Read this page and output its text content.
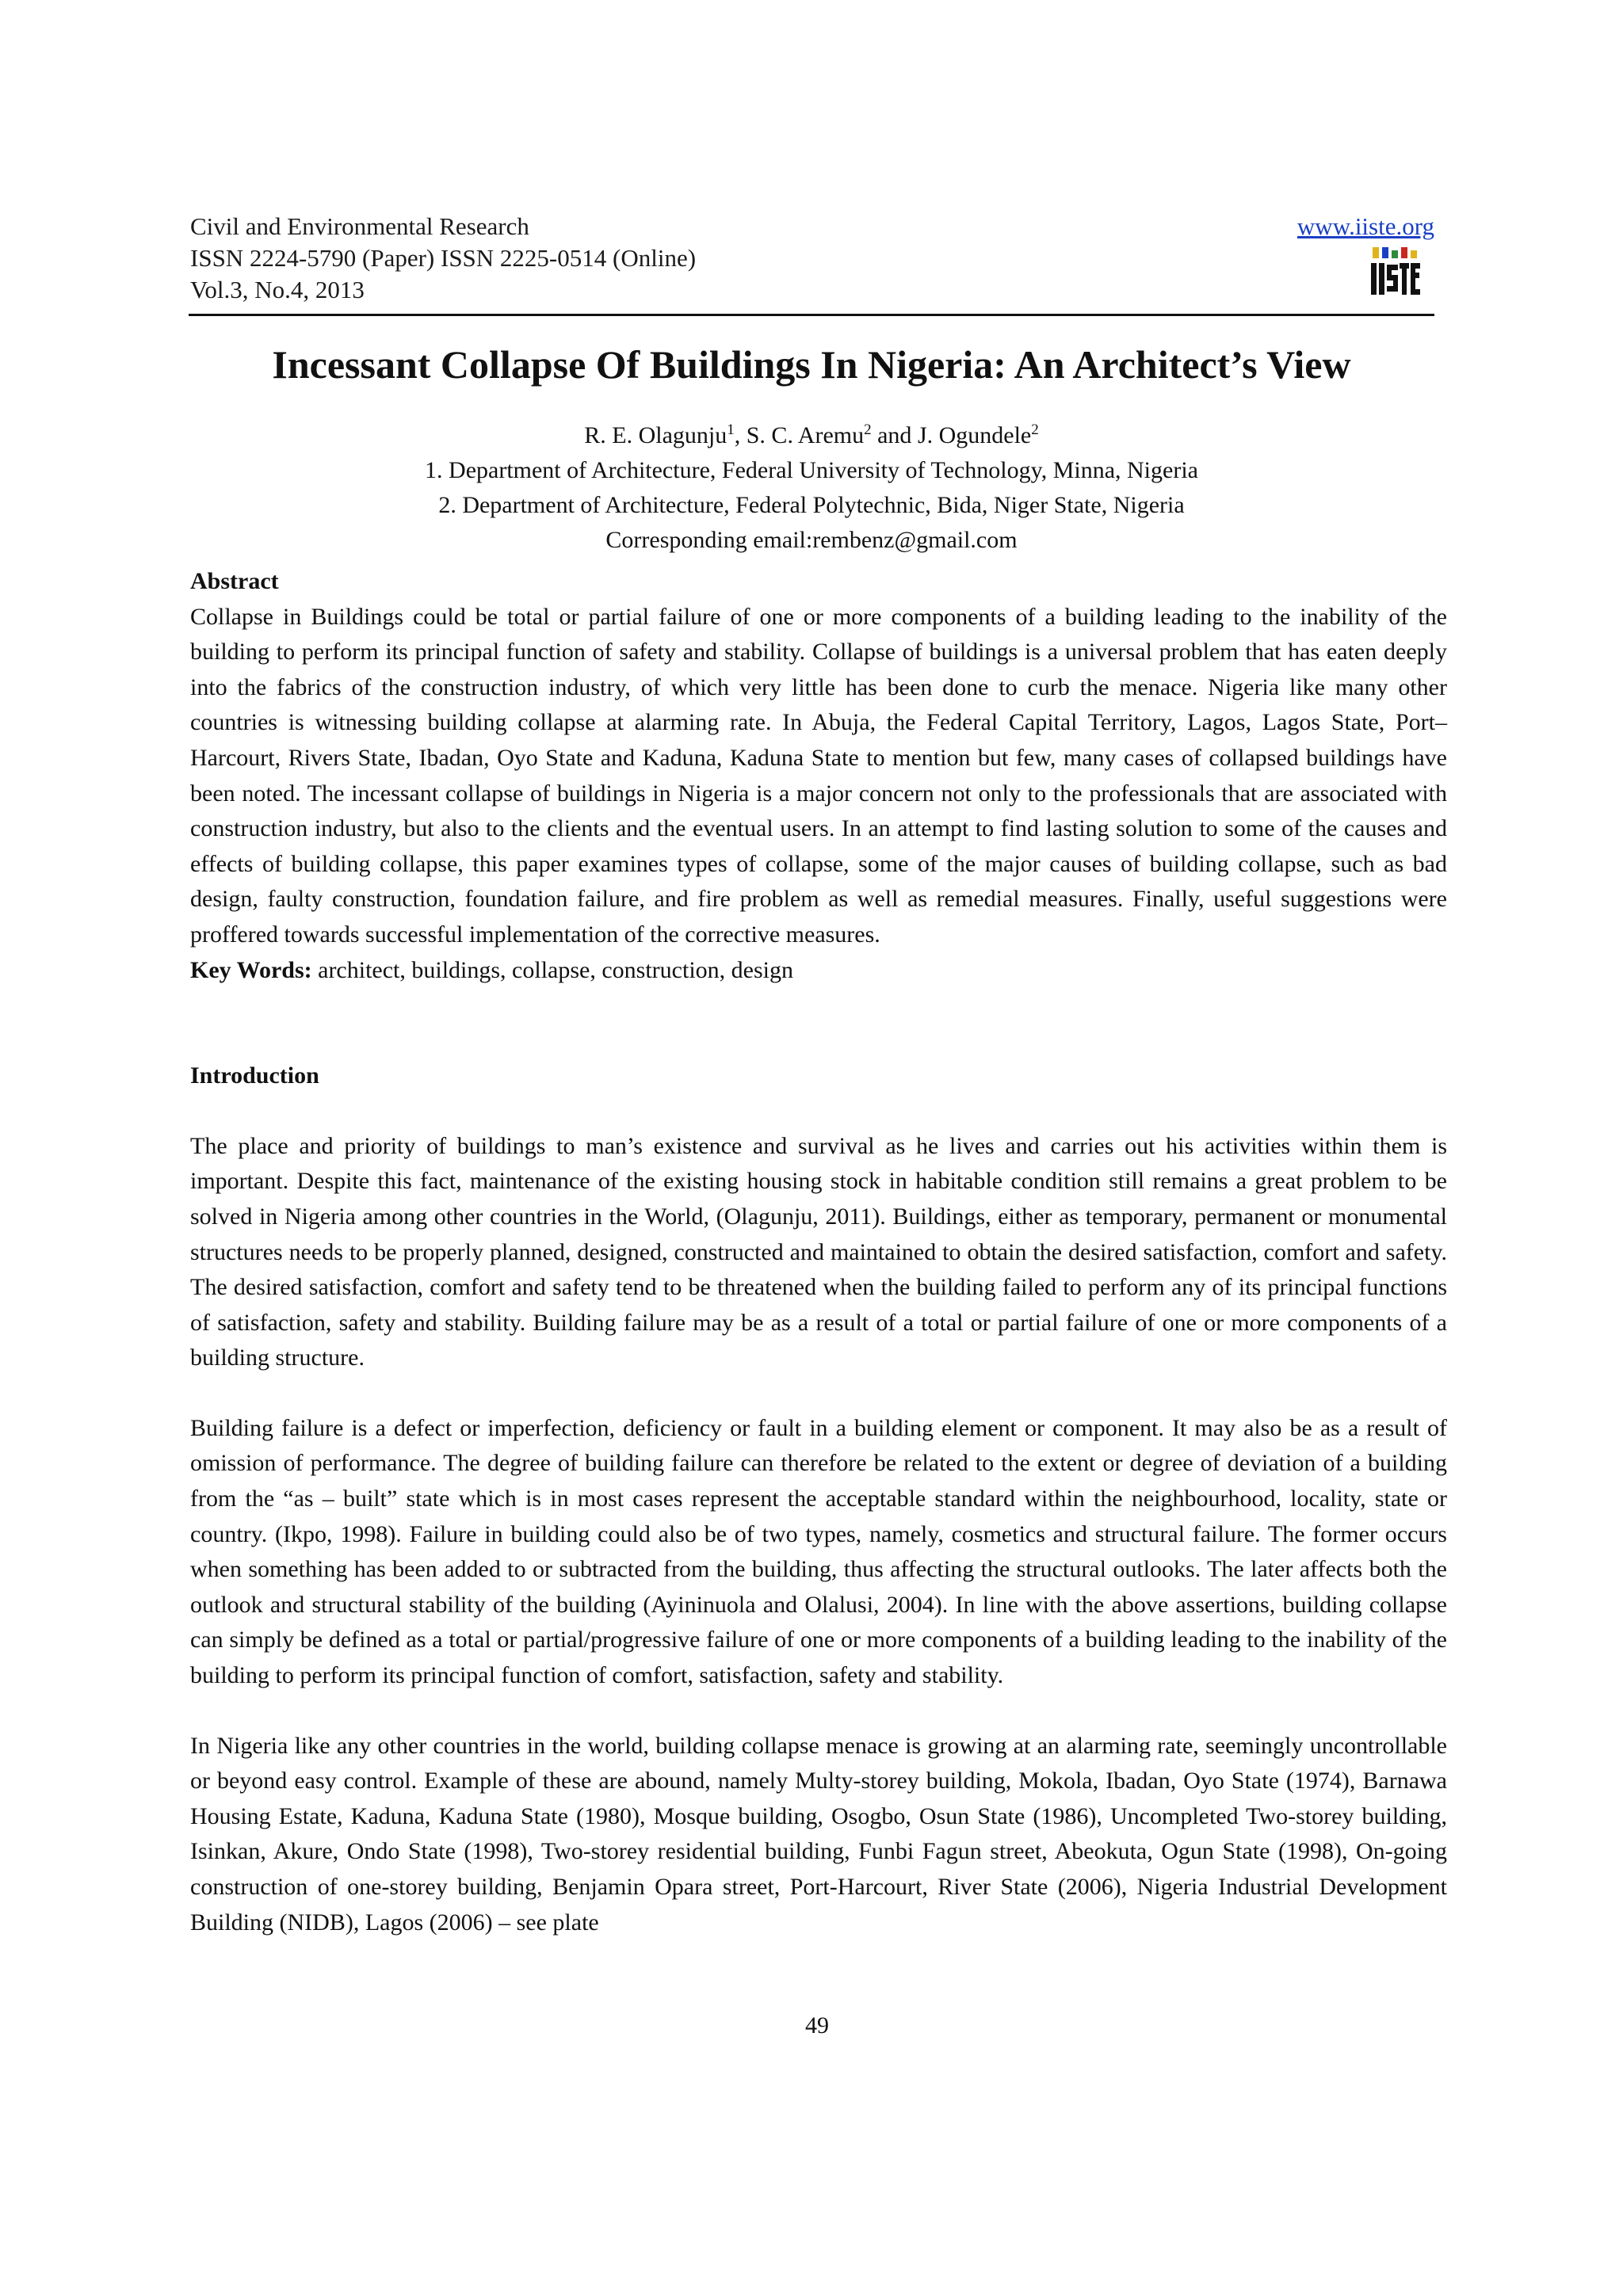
Civil and Environmental Research
ISSN 2224-5790 (Paper) ISSN 2225-0514 (Online)
Vol.3, No.4, 2013
www.iiste.org
Incessant Collapse Of Buildings In Nigeria: An Architect’s View
R. E. Olagunju$^1$, S. C. Aremu$^2$ and J. Ogundele$^2$
1. Department of Architecture, Federal University of Technology, Minna, Nigeria
2. Department of Architecture, Federal Polytechnic, Bida, Niger State, Nigeria
Corresponding email:rembenz@gmail.com

Abstract

Collapse in Buildings could be total or partial failure of one or more components of a building leading to the inability of the building to perform its principal function of safety and stability. Collapse of buildings is a universal problem that has eaten deeply into the fabrics of the construction industry, of which very little has been done to curb the menace. Nigeria like many other countries is witnessing building collapse at alarming rate. In Abuja, the Federal Capital Territory, Lagos, Lagos State, Port–Harcourt, Rivers State, Ibadan, Oyo State and Kaduna, Kaduna State to mention but few, many cases of collapsed buildings have been noted. The incessant collapse of buildings in Nigeria is a major concern not only to the professionals that are associated with construction industry, but also to the clients and the eventual users. In an attempt to find lasting solution to some of the causes and effects of building collapse, this paper examines types of collapse, some of the major causes of building collapse, such as bad design, faulty construction, foundation failure, and fire problem as well as remedial measures. Finally, useful suggestions were proffered towards successful implementation of the corrective measures.

Key Words: architect, buildings, collapse, construction, design

Introduction

The place and priority of buildings to man’s existence and survival as he lives and carries out his activities within them is important. Despite this fact, maintenance of the existing housing stock in habitable condition still remains a great problem to be solved in Nigeria among other countries in the World, (Olagunju, 2011). Buildings, either as temporary, permanent or monumental structures needs to be properly planned, designed, constructed and maintained to obtain the desired satisfaction, comfort and safety. The desired satisfaction, comfort and safety tend to be threatened when the building failed to perform any of its principal functions of satisfaction, safety and stability. Building failure may be as a result of a total or partial failure of one or more components of a building structure.

Building failure is a defect or imperfection, deficiency or fault in a building element or component. It may also be as a result of omission of performance. The degree of building failure can therefore be related to the extent or degree of deviation of a building from the “as – built” state which is in most cases represent the acceptable standard within the neighbourhood, locality, state or country. (Ikpo, 1998). Failure in building could also be of two types, namely, cosmetics and structural failure. The former occurs when something has been added to or subtracted from the building, thus affecting the structural outlooks. The later affects both the outlook and structural stability of the building (Ayininuola and Olalusi, 2004). In line with the above assertions, building collapse can simply be defined as a total or partial/progressive failure of one or more components of a building leading to the inability of the building to perform its principal function of comfort, satisfaction, safety and stability.

In Nigeria like any other countries in the world, building collapse menace is growing at an alarming rate, seemingly uncontrollable or beyond easy control. Example of these are abound, namely Multy-storey building, Mokola, Ibadan, Oyo State (1974), Barnawa Housing Estate, Kaduna, Kaduna State (1980), Mosque building, Osogbo, Osun State (1986), Uncompleted Two-storey building, Isinkan, Akure, Ondo State (1998), Two-storey residential building, Funbi Fagun street, Abeokuta, Ogun State (1998), On-going construction of one-storey building, Benjamin Opara street, Port-Harcourt, River State (2006), Nigeria Industrial Development Building (NIDB), Lagos (2006) – see plate

49
